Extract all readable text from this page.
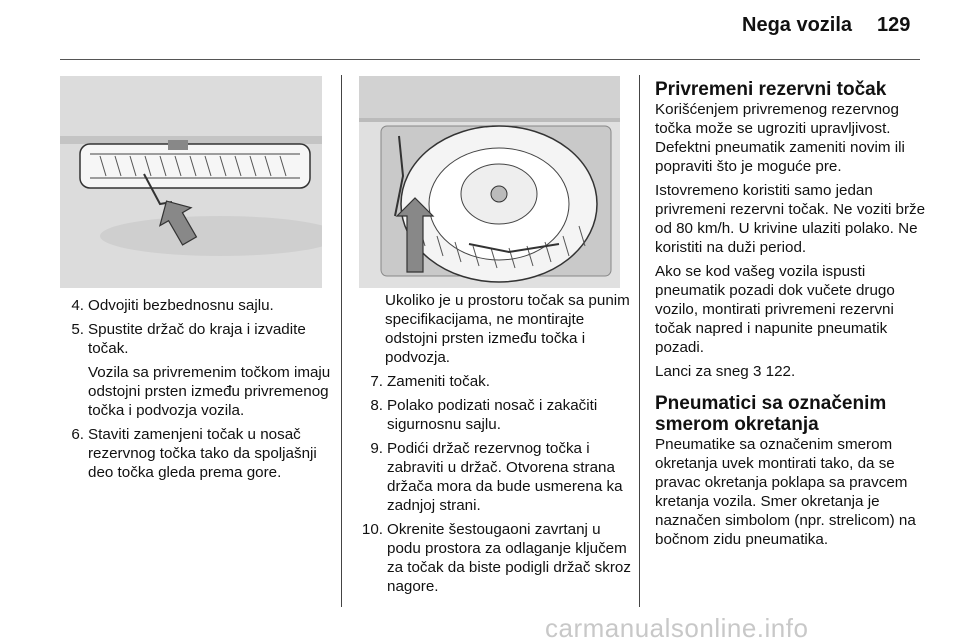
Nega vozila 129
4. Odvojiti bezbednosnu sajlu.
5. Spustite držač do kraja i izvadite točak.
Vozila sa privremenim točkom imaju odstojni prsten između privremenog točka i podvozja vozila.
6. Staviti zamenjeni točak u nosač rezervnog točka tako da spoljašnji deo točka gleda prema gore.
Ukoliko je u prostoru točak sa punim specifikacijama, ne montirajte odstojni prsten između točka i podvozja.
7. Zameniti točak.
8. Polako podizati nosač i zakačiti sigurnosnu sajlu.
9. Podići držač rezervnog točka i zabraviti u držač. Otvorena strana držača mora da bude usmerena ka zadnjoj strani.
10. Okrenite šestougaoni zavrtanj u podu prostora za odlaganje ključem za točak da biste podigli držač skroz nagore.
Privremeni rezervni točak

Korišćenjem privremenog rezervnog točka može se ugroziti upravljivost. Defektni pneumatik zameniti novim ili popraviti što je moguće pre.

Istovremeno koristiti samo jedan privremeni rezervni točak. Ne voziti brže od 80 km/h. U krivine ulaziti polako. Ne koristiti na duži period.

Ako se kod vašeg vozila ispusti pneumatik pozadi dok vučete drugo vozilo, montirati privremeni rezervni točak napred i napunite pneumatik pozadi.

Lanci za sneg 3 122.

Pneumatici sa označenim
smerom okretanja

Pneumatike sa označenim smerom okretanja uvek montirati tako, da se pravac okretanja poklapa sa pravcem kretanja vozila. Smer okretanja je naznačen simbolom (npr. strelicom) na bočnom zidu pneumatika.

carmanualsonline.info
